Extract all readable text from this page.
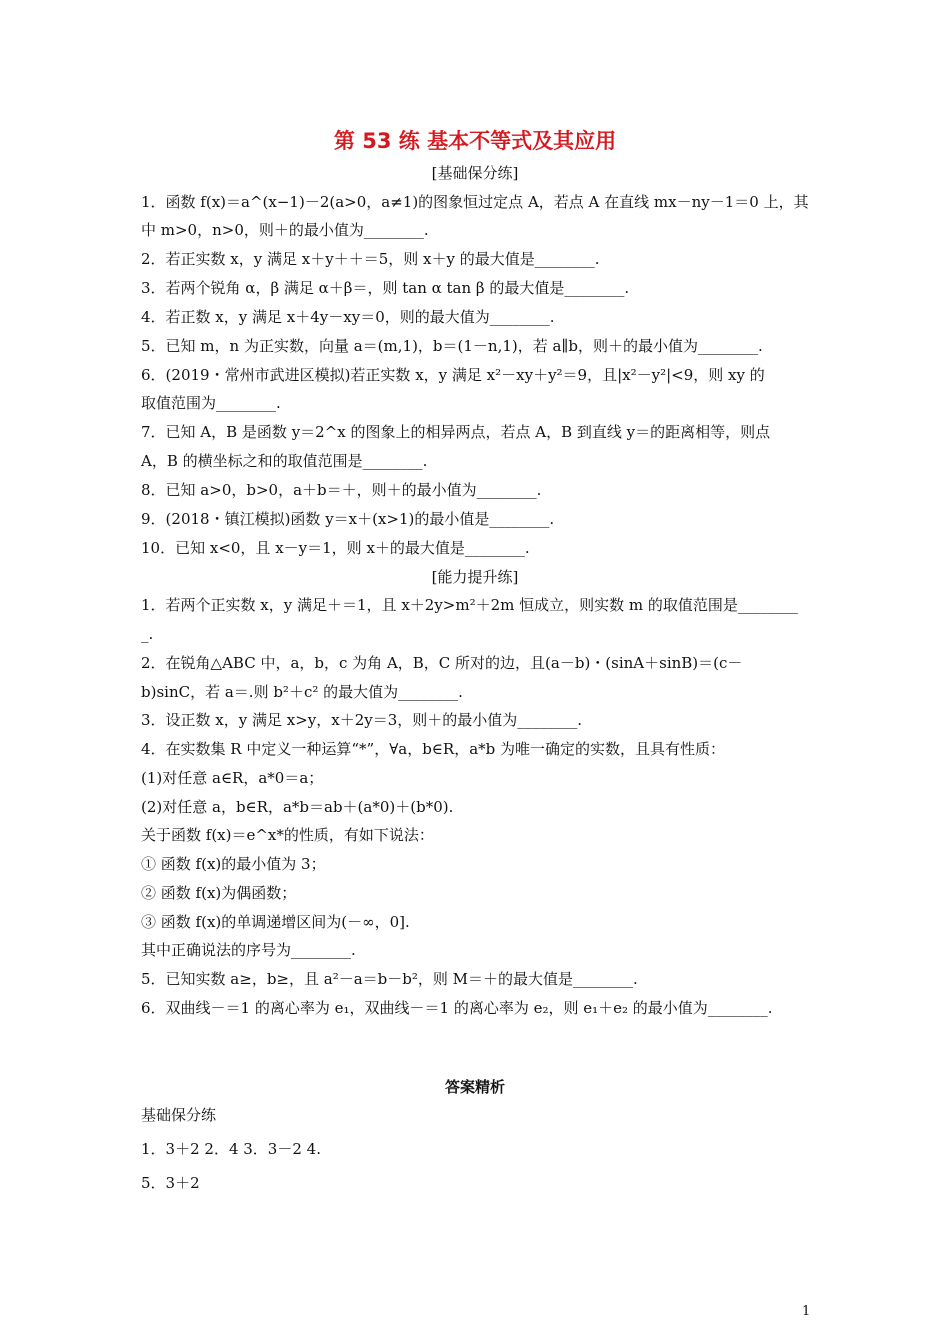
第 53 练 基本不等式及其应用
[基础保分练]
1．函数 f(x)＝a^(x−1)－2(a>0，a≠1)的图象恒过定点 A，若点 A 在直线 mx－ny－1＝0 上，其
中 m>0，n>0，则＋的最小值为________.
2．若正实数 x，y 满足 x＋y＋＋＝5，则 x＋y 的最大值是________.
3．若两个锐角 α，β 满足 α＋β＝，则 tan α tan β 的最大值是________.
4．若正数 x，y 满足 x＋4y－xy＝0，则的最大值为________.
5．已知 m，n 为正实数，向量 a＝(m,1)，b＝(1－n,1)，若 a∥b，则＋的最小值为________.
6．(2019・常州市武进区模拟)若正实数 x，y 满足 x²－xy＋y²＝9，且|x²－y²|<9，则 xy 的
取值范围为________.
7．已知 A，B 是函数 y＝2^x 的图象上的相异两点，若点 A，B 到直线 y＝的距离相等，则点
A，B 的横坐标之和的取值范围是________.
8．已知 a>0，b>0，a＋b＝＋，则＋的最小值为________.
9．(2018・镇江模拟)函数 y＝x＋(x>1)的最小值是________.
10．已知 x<0，且 x－y＝1，则 x＋的最大值是________.
[能力提升练]
1．若两个正实数 x，y 满足＋＝1，且 x＋2y>m²＋2m 恒成立，则实数 m 的取值范围是________
_.
2．在锐角△ABC 中，a，b，c 为角 A，B，C 所对的边，且(a－b)・(sinA＋sinB)＝(c－
b)sinC，若 a＝.则 b²＋c² 的最大值为________.
3．设正数 x，y 满足 x>y，x＋2y＝3，则＋的最小值为________.
4．在实数集 R 中定义一种运算“*”，∀a，b∈R，a*b 为唯一确定的实数，且具有性质：
(1)对任意 a∈R，a*0＝a；
(2)对任意 a，b∈R，a*b＝ab＋(a*0)＋(b*0).
关于函数 f(x)＝e^x*的性质，有如下说法：
① 函数 f(x)的最小值为 3；
② 函数 f(x)为偶函数；
③ 函数 f(x)的单调递增区间为(－∞，0].
其中正确说法的序号为________.
5．已知实数 a≥，b≥，且 a²－a＝b－b²，则 M＝＋的最大值是________.
6．双曲线－＝1 的离心率为 e₁，双曲线－＝1 的离心率为 e₂，则 e₁＋e₂ 的最小值为________.
答案精析
基础保分练
1．3＋2 2．4 3．3－2 4.
5．3＋2
1
